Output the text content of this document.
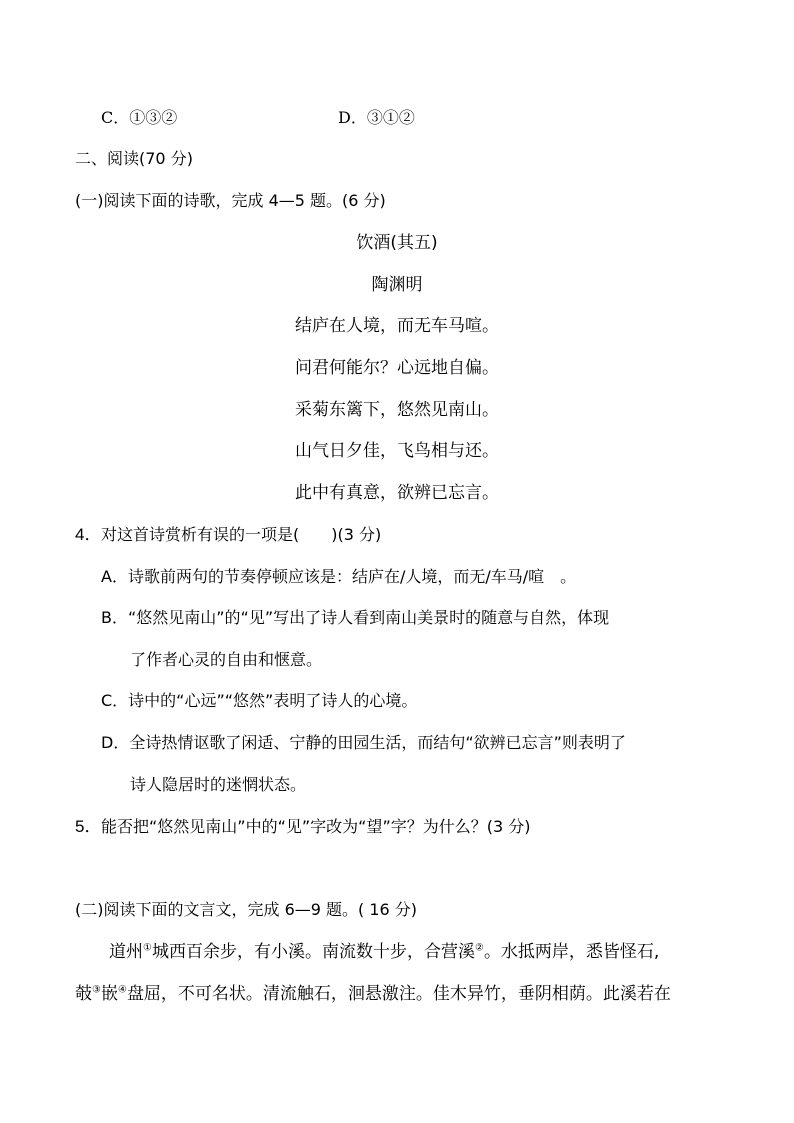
C．①③②	D．③①②
二、阅读(70 分)
(一)阅读下面的诗歌，完成 4—5 题。(6 分)
饮酒(其五)
陶渊明
结庐在人境，而无车马喧。
问君何能尔？心远地自偏。
采菊东篱下，悠然见南山。
山气日夕佳，飞鸟相与还。
此中有真意，欲辨已忘言。
4． 对这首诗赏析有误的一项是(　　)(3 分)
A．诗歌前两句的节奏停顿应该是：结庐在/人境，而无/车马/喧　。
B．“悠然见南山”的“见”写出了诗人看到南山美景时的随意与自然，体现
了作者心灵的自由和惬意。
C．诗中的“心远”“悠然”表明了诗人的心境。
D．全诗热情讴歌了闲适、宁静的田园生活，而结句“欲辨已忘言”则表明了
诗人隐居时的迷惘状态。
5． 能否把“悠然见南山”中的“见”字改为“望”字？为什么？(3 分)
(二)阅读下面的文言文，完成 6—9 题。( 16 分)
道州①城西百余步，有小溪。南流数十步，合营溪②。水抵两岸，悉皆怪石,
攲③嵌④盘屈，不可名状。清流触石，洄悬激注。佳木异竹，垂阴相荫。此溪若在
